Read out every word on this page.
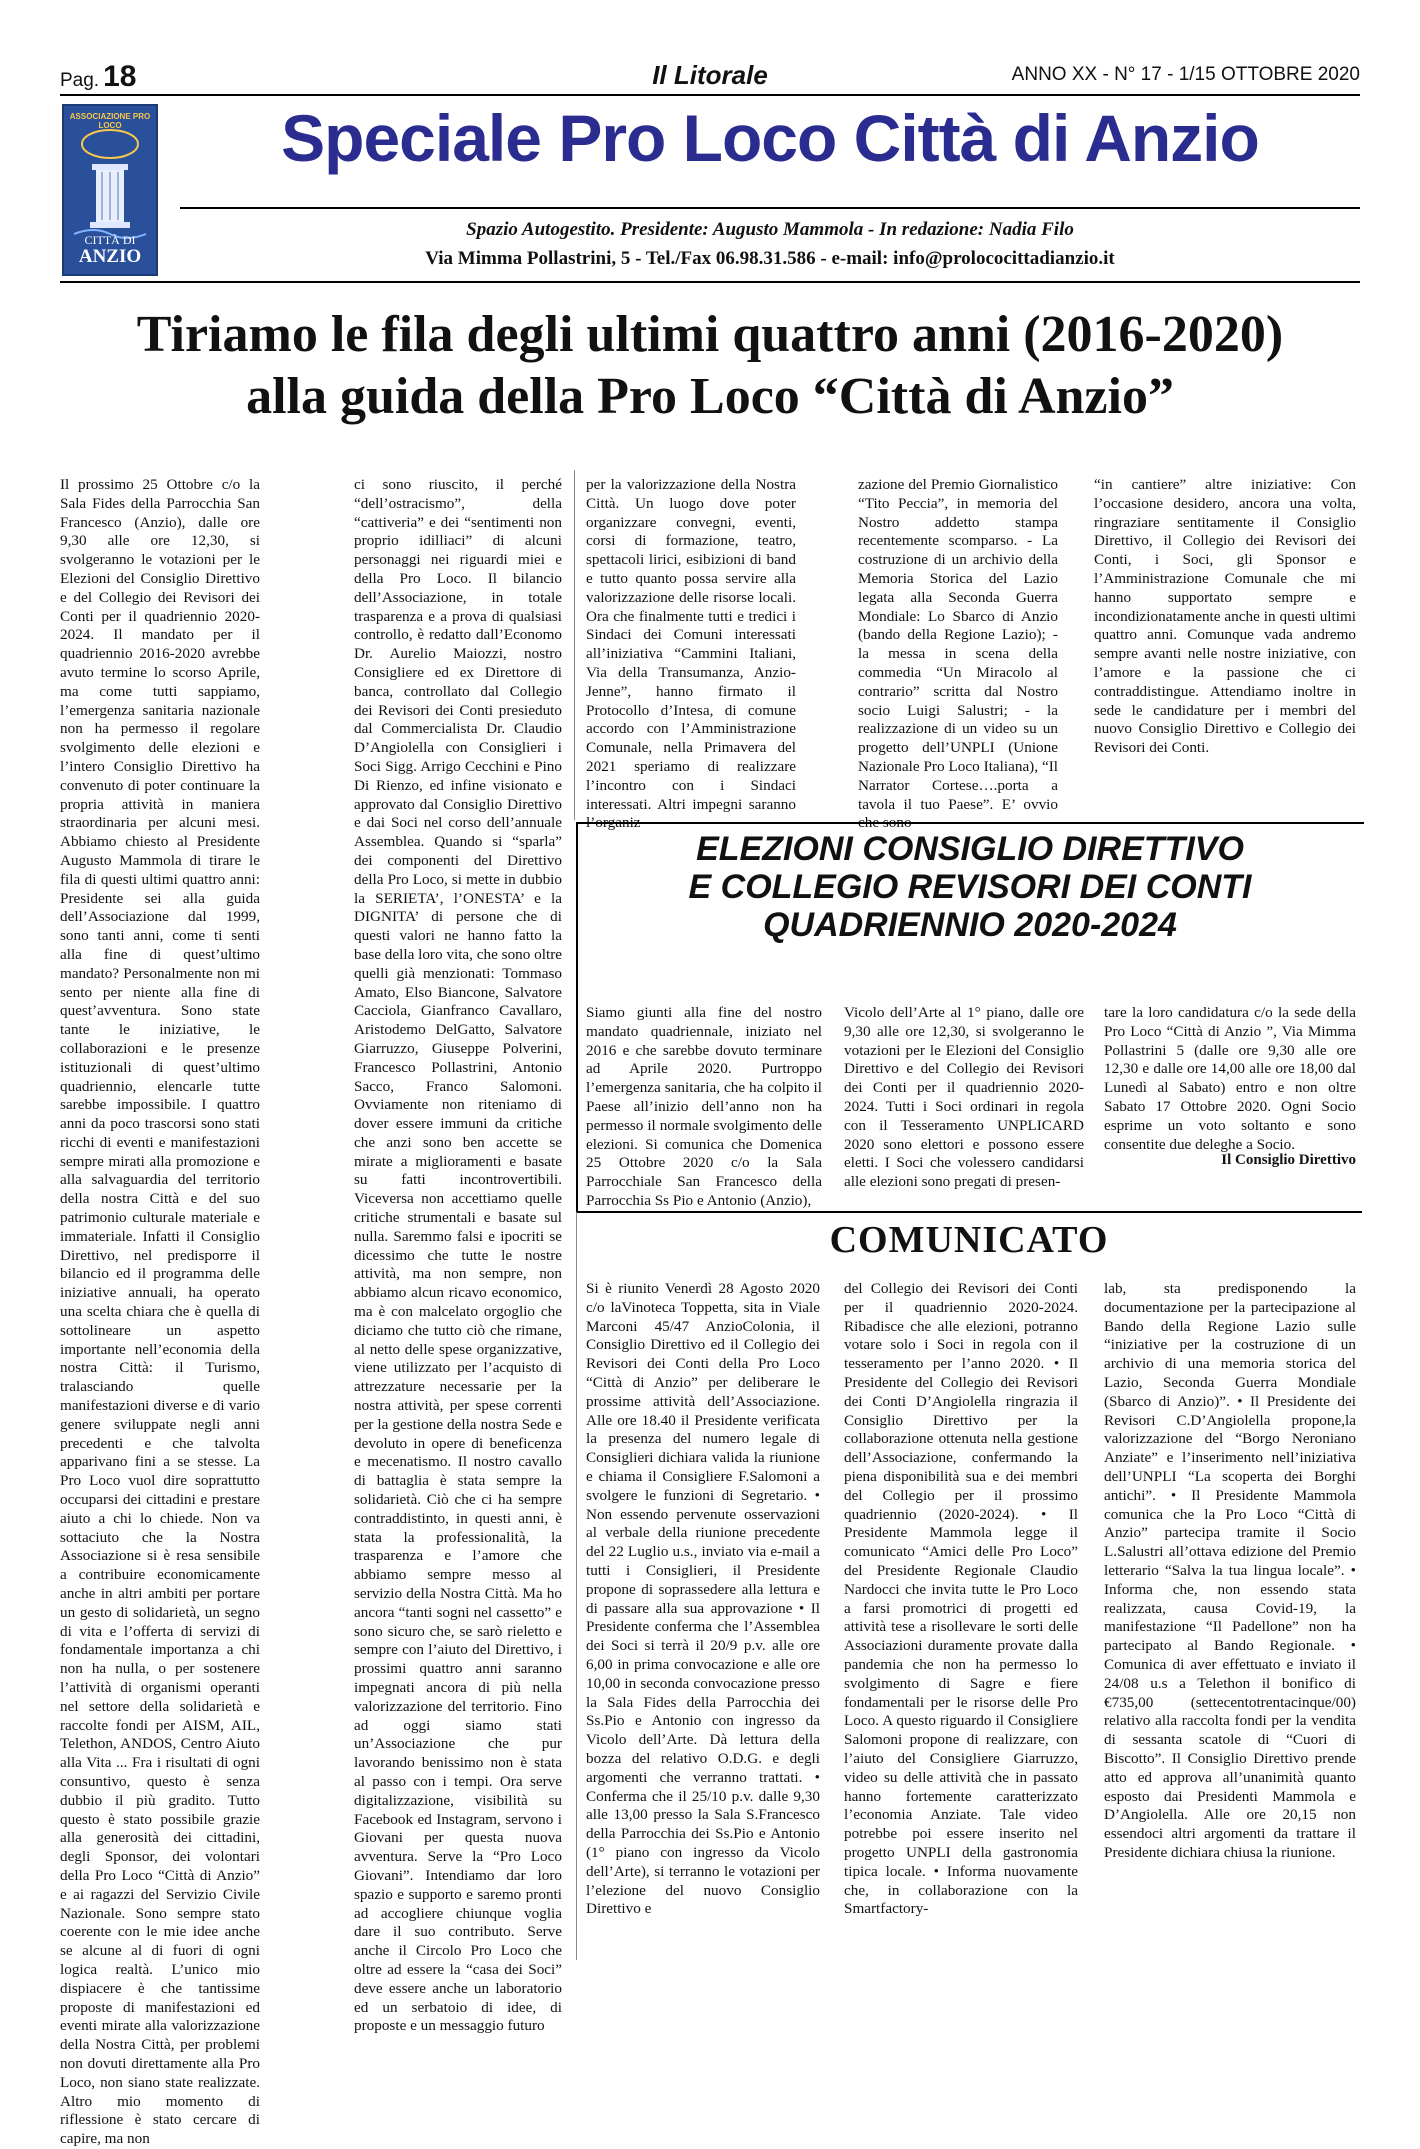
Pag. 18	Il Litorale	ANNO XX - N° 17 - 1/15 OTTOBRE 2020
ASSOCIAZIONE PRO LOCO
CITTÀ DI
ANZIO
Speciale Pro Loco Città di Anzio
Spazio Autogestito. Presidente: Augusto Mammola - In redazione: Nadia Filo
Via Mimma Pollastrini, 5 - Tel./Fax 06.98.31.586 - e-mail: info@prolococittadianzio.it
Tiriamo le fila degli ultimi quattro anni (2016-2020)
alla guida della Pro Loco “Città di Anzio”

Il prossimo 25 Ottobre c/o la Sala Fides della Parrocchia San Francesco (Anzio), dalle ore 9,30 alle ore 12,30, si svolgeranno le votazioni per le Elezioni del Consiglio Direttivo e del Collegio dei Revisori dei Conti per il quadriennio 2020-2024. Il mandato per il quadriennio 2016-2020 avrebbe avuto termine lo scorso Aprile, ma come tutti sappiamo, l’emergenza sanitaria nazionale non ha permesso il regolare svolgimento delle elezioni e l’intero Consiglio Direttivo ha convenuto di poter continuare la propria attività in maniera straordinaria per alcuni mesi. Abbiamo chiesto al Presidente Augusto Mammola di tirare le fila di questi ultimi quattro anni: Presidente sei alla guida dell’Associazione dal 1999, sono tanti anni, come ti senti alla fine di quest’ultimo mandato? Personalmente non mi sento per niente alla fine di quest’avventura. Sono state tante le iniziative, le collaborazioni e le presenze istituzionali di quest’ultimo quadriennio, elencarle tutte sarebbe impossibile. I quattro anni da poco trascorsi sono stati ricchi di eventi e manifestazioni sempre mirati alla promozione e alla salvaguardia del territorio della nostra Città e del suo patrimonio culturale materiale e immateriale. Infatti il Consiglio Direttivo, nel predisporre il bilancio ed il programma delle iniziative annuali, ha operato una scelta chiara che è quella di sottolineare un aspetto importante nell’economia della nostra Città: il Turismo, tralasciando quelle manifestazioni diverse e di vario genere sviluppate negli anni precedenti e che talvolta apparivano fini a se stesse. La Pro Loco vuol dire soprattutto occuparsi dei cittadini e prestare aiuto a chi lo chiede. Non va sottaciuto che la Nostra Associazione si è resa sensibile a contribuire economicamente anche in altri ambiti per portare un gesto di solidarietà, un segno di vita e l’offerta di servizi di fondamentale importanza a chi non ha nulla, o per sostenere l’attività di organismi operanti nel settore della solidarietà e raccolte fondi per AISM, AIL, Telethon, ANDOS, Centro Aiuto alla Vita ... Fra i risultati di ogni consuntivo, questo è senza dubbio il più gradito. Tutto questo è stato possibile grazie alla generosità dei cittadini, degli Sponsor, dei volontari della Pro Loco “Città di Anzio” e ai ragazzi del Servizio Civile Nazionale. Sono sempre stato coerente con le mie idee anche se alcune al di fuori di ogni logica realtà. L’unico mio dispiacere è che tantissime proposte di manifestazioni ed eventi mirate alla valorizzazione della Nostra Città, per problemi non dovuti direttamente alla Pro Loco, non siano state realizzate. Altro mio momento di riflessione è stato cercare di capire, ma non

ci sono riuscito, il perché “dell’ostracismo”, della “cattiveria” e dei “sentimenti non proprio idilliaci” di alcuni personaggi nei riguardi miei e della Pro Loco. Il bilancio dell’Associazione, in totale trasparenza e a prova di qualsiasi controllo, è redatto dall’Economo Dr. Aurelio Maiozzi, nostro Consigliere ed ex Direttore di banca, controllato dal Collegio dei Revisori dei Conti presieduto dal Commercialista Dr. Claudio D’Angiolella con Consiglieri i Soci Sigg. Arrigo Cecchini e Pino Di Rienzo, ed infine visionato e approvato dal Consiglio Direttivo e dai Soci nel corso dell’annuale Assemblea. Quando si “sparla” dei componenti del Direttivo della Pro Loco, si mette in dubbio la SERIETA’, l’ONESTA’ e la DIGNITA’ di persone che di questi valori ne hanno fatto la base della loro vita, che sono oltre quelli già menzionati: Tommaso Amato, Elso Biancone, Salvatore Cacciola, Gianfranco Cavallaro, Aristodemo DelGatto, Salvatore Giarruzzo, Giuseppe Polverini, Francesco Pollastrini, Antonio Sacco, Franco Salomoni. Ovviamente non riteniamo di dover essere immuni da critiche che anzi sono ben accette se mirate a miglioramenti e basate su fatti incontrovertibili. Viceversa non accettiamo quelle critiche strumentali e basate sul nulla. Saremmo falsi e ipocriti se dicessimo che tutte le nostre attività, ma non sempre, non abbiamo alcun ricavo economico, ma è con malcelato orgoglio che diciamo che tutto ciò che rimane, al netto delle spese organizzative, viene utilizzato per l’acquisto di attrezzature necessarie per la nostra attività, per spese correnti per la gestione della nostra Sede e devoluto in opere di beneficenza e mecenatismo. Il nostro cavallo di battaglia è stata sempre la solidarietà. Ciò che ci ha sempre contraddistinto, in questi anni, è stata la professionalità, la trasparenza e l’amore che abbiamo sempre messo al servizio della Nostra Città. Ma ho ancora “tanti sogni nel cassetto” e sono sicuro che, se sarò rieletto e sempre con l’aiuto del Direttivo, i prossimi quattro anni saranno impegnati ancora di più nella valorizzazione del territorio. Fino ad oggi siamo stati un’Associazione che pur lavorando benissimo non è stata al passo con i tempi. Ora serve digitalizzazione, visibilità su Facebook ed Instagram, servono i Giovani per questa nuova avventura. Serve la “Pro Loco Giovani”. Intendiamo dar loro spazio e supporto e saremo pronti ad accogliere chiunque voglia dare il suo contributo. Serve anche il Circolo Pro Loco che oltre ad essere la “casa dei Soci” deve essere anche un laboratorio ed un serbatoio di idee, di proposte e un messaggio futuro

per la valorizzazione della Nostra Città. Un luogo dove poter organizzare convegni, eventi, corsi di formazione, teatro, spettacoli lirici, esibizioni di band e tutto quanto possa servire alla valorizzazione delle risorse locali. Ora che finalmente tutti e tredici i Sindaci dei Comuni interessati all’iniziativa “Cammini Italiani, Via della Transumanza, Anzio-Jenne”, hanno firmato il Protocollo d’Intesa, di comune accordo con l’Amministrazione Comunale, nella Primavera del 2021 speriamo di realizzare l’incontro con i Sindaci interessati. Altri impegni saranno l’organiz-

zazione del Premio Giornalistico “Tito Peccia”, in memoria del Nostro addetto stampa recentemente scomparso. - La costruzione di un archivio della Memoria Storica del Lazio legata alla Seconda Guerra Mondiale: Lo Sbarco di Anzio (bando della Regione Lazio); - la messa in scena della commedia “Un Miracolo al contrario” scritta dal Nostro socio Luigi Salustri; - la realizzazione di un video su un progetto dell’UNPLI (Unione Nazionale Pro Loco Italiana), “Il Narrator Cortese….porta a tavola il tuo Paese”. E’ ovvio che sono

“in cantiere” altre iniziative: Con l’occasione desidero, ancora una volta, ringraziare sentitamente il Consiglio Direttivo, il Collegio dei Revisori dei Conti, i Soci, gli Sponsor e l’Amministrazione Comunale che mi hanno supportato sempre e incondizionatamente anche in questi ultimi quattro anni. Comunque vada andremo sempre avanti nelle nostre iniziative, con l’amore e la passione che ci contraddistingue. Attendiamo inoltre in sede le candidature per i membri del nuovo Consiglio Direttivo e Collegio dei Revisori dei Conti.

ELEZIONI CONSIGLIO DIRETTIVO
E COLLEGIO REVISORI DEI CONTI
QUADRIENNIO 2020-2024

Siamo giunti alla fine del nostro mandato quadriennale, iniziato nel 2016 e che sarebbe dovuto terminare ad Aprile 2020. Purtroppo l’emergenza sanitaria, che ha colpito il Paese all’inizio dell’anno non ha permesso il normale svolgimento delle elezioni. Si comunica che Domenica 25 Ottobre 2020 c/o la Sala Parrocchiale San Francesco della Parrocchia Ss Pio e Antonio (Anzio),

Vicolo dell’Arte al 1° piano, dalle ore 9,30 alle ore 12,30, si svolgeranno le votazioni per le Elezioni del Consiglio Direttivo e del Collegio dei Revisori dei Conti per il quadriennio 2020-2024. Tutti i Soci ordinari in regola con il Tesseramento UNPLICARD 2020 sono elettori e possono essere eletti. I Soci che volessero candidarsi alle elezioni sono pregati di presen-

tare la loro candidatura c/o la sede della Pro Loco “Città di Anzio ”, Via Mimma Pollastrini 5 (dalle ore 9,30 alle ore 12,30 e dalle ore 14,00 alle ore 18,00 dal Lunedì al Sabato) entro e non oltre Sabato 17 Ottobre 2020. Ogni Socio esprime un voto soltanto e sono consentite due deleghe a Socio.

Il Consiglio Direttivo
COMUNICATO

Si è riunito Venerdì 28 Agosto 2020 c/o laVinoteca Toppetta, sita in Viale Marconi 45/47 AnzioColonia, il Consiglio Direttivo ed il Collegio dei Revisori dei Conti della Pro Loco “Città di Anzio” per deliberare le prossime attività dell’Associazione. Alle ore 18.40 il Presidente verificata la presenza del numero legale di Consiglieri dichiara valida la riunione e chiama il Consigliere F.Salomoni a svolgere le funzioni di Segretario. • Non essendo pervenute osservazioni al verbale della riunione precedente del 22 Luglio u.s., inviato via e-mail a tutti i Consiglieri, il Presidente propone di soprassedere alla lettura e di passare alla sua approvazione • Il Presidente conferma che l’Assemblea dei Soci si terrà il 20/9 p.v. alle ore 6,00 in prima convocazione e alle ore 10,00 in seconda convocazione presso la Sala Fides della Parrocchia dei Ss.Pio e Antonio con ingresso da Vicolo dell’Arte. Dà lettura della bozza del relativo O.D.G. e degli argomenti che verranno trattati. • Conferma che il 25/10 p.v. dalle 9,30 alle 13,00 presso la Sala S.Francesco della Parrocchia dei Ss.Pio e Antonio (1° piano con ingresso da Vicolo dell’Arte), si terranno le votazioni per l’elezione del nuovo Consiglio Direttivo e

del Collegio dei Revisori dei Conti per il quadriennio 2020-2024. Ribadisce che alle elezioni, potranno votare solo i Soci in regola con il tesseramento per l’anno 2020. • Il Presidente del Collegio dei Revisori dei Conti D’Angiolella ringrazia il Consiglio Direttivo per la collaborazione ottenuta nella gestione dell’Associazione, confermando la piena disponibilità sua e dei membri del Collegio per il prossimo quadriennio (2020-2024). • Il Presidente Mammola legge il comunicato “Amici delle Pro Loco” del Presidente Regionale Claudio Nardocci che invita tutte le Pro Loco a farsi promotrici di progetti ed attività tese a risollevare le sorti delle Associazioni duramente provate dalla pandemia che non ha permesso lo svolgimento di Sagre e fiere fondamentali per le risorse delle Pro Loco. A questo riguardo il Consigliere Salomoni propone di realizzare, con l’aiuto del Consigliere Giarruzzo, video su delle attività che in passato hanno fortemente caratterizzato l’economia Anziate. Tale video potrebbe poi essere inserito nel progetto UNPLI della gastronomia tipica locale. • Informa nuovamente che, in collaborazione con la Smartfactory-

lab, sta predisponendo la documentazione per la partecipazione al Bando della Regione Lazio sulle “iniziative per la costruzione di un archivio di una memoria storica del Lazio, Seconda Guerra Mondiale (Sbarco di Anzio)”. • Il Presidente dei Revisori C.D’Angiolella propone,la valorizzazione del “Borgo Neroniano Anziate” e l’inserimento nell’iniziativa dell’UNPLI “La scoperta dei Borghi antichi”. • Il Presidente Mammola comunica che la Pro Loco “Città di Anzio” partecipa tramite il Socio L.Salustri all’ottava edizione del Premio letterario “Salva la tua lingua locale”. • Informa che, non essendo stata realizzata, causa Covid-19, la manifestazione “Il Padellone” non ha partecipato al Bando Regionale. • Comunica di aver effettuato e inviato il 24/08 u.s a Telethon il bonifico di €735,00 (settecentotrentacinque/00) relativo alla raccolta fondi per la vendita di sessanta scatole di “Cuori di Biscotto”. Il Consiglio Direttivo prende atto ed approva all’unanimità quanto esposto dai Presidenti Mammola e D’Angiolella. Alle ore 20,15 non essendoci altri argomenti da trattare il Presidente dichiara chiusa la riunione.
